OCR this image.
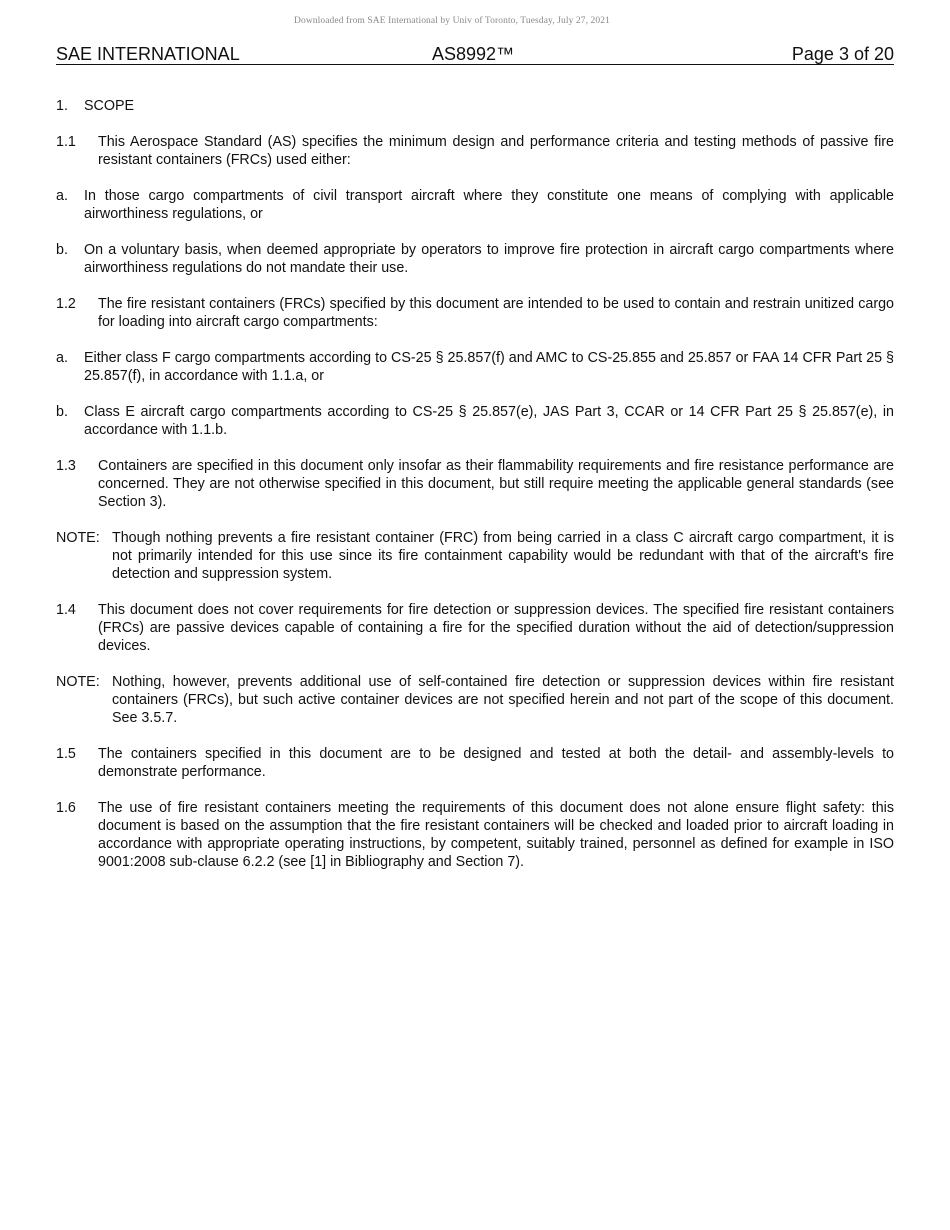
Downloaded from SAE International by Univ of Toronto, Tuesday, July 27, 2021
SAE INTERNATIONAL	AS8992™	Page 3 of 20
1.	SCOPE
1.1	This Aerospace Standard (AS) specifies the minimum design and performance criteria and testing methods of passive fire resistant containers (FRCs) used either:
a.	In those cargo compartments of civil transport aircraft where they constitute one means of complying with applicable airworthiness regulations, or
b.	On a voluntary basis, when deemed appropriate by operators to improve fire protection in aircraft cargo compartments where airworthiness regulations do not mandate their use.
1.2	The fire resistant containers (FRCs) specified by this document are intended to be used to contain and restrain unitized cargo for loading into aircraft cargo compartments:
a.	Either class F cargo compartments according to CS-25 § 25.857(f) and AMC to CS-25.855 and 25.857 or FAA 14 CFR Part 25 § 25.857(f), in accordance with 1.1.a, or
b.	Class E aircraft cargo compartments according to CS-25 § 25.857(e), JAS Part 3, CCAR or 14 CFR Part 25 § 25.857(e), in accordance with 1.1.b.
1.3	Containers are specified in this document only insofar as their flammability requirements and fire resistance performance are concerned. They are not otherwise specified in this document, but still require meeting the applicable general standards (see Section 3).
NOTE: Though nothing prevents a fire resistant container (FRC) from being carried in a class C aircraft cargo compartment, it is not primarily intended for this use since its fire containment capability would be redundant with that of the aircraft's fire detection and suppression system.
1.4	This document does not cover requirements for fire detection or suppression devices. The specified fire resistant containers (FRCs) are passive devices capable of containing a fire for the specified duration without the aid of detection/suppression devices.
NOTE: Nothing, however, prevents additional use of self-contained fire detection or suppression devices within fire resistant containers (FRCs), but such active container devices are not specified herein and not part of the scope of this document. See 3.5.7.
1.5	The containers specified in this document are to be designed and tested at both the detail- and assembly-levels to demonstrate performance.
1.6	The use of fire resistant containers meeting the requirements of this document does not alone ensure flight safety: this document is based on the assumption that the fire resistant containers will be checked and loaded prior to aircraft loading in accordance with appropriate operating instructions, by competent, suitably trained, personnel as defined for example in ISO 9001:2008 sub-clause 6.2.2 (see [1] in Bibliography and Section 7).
